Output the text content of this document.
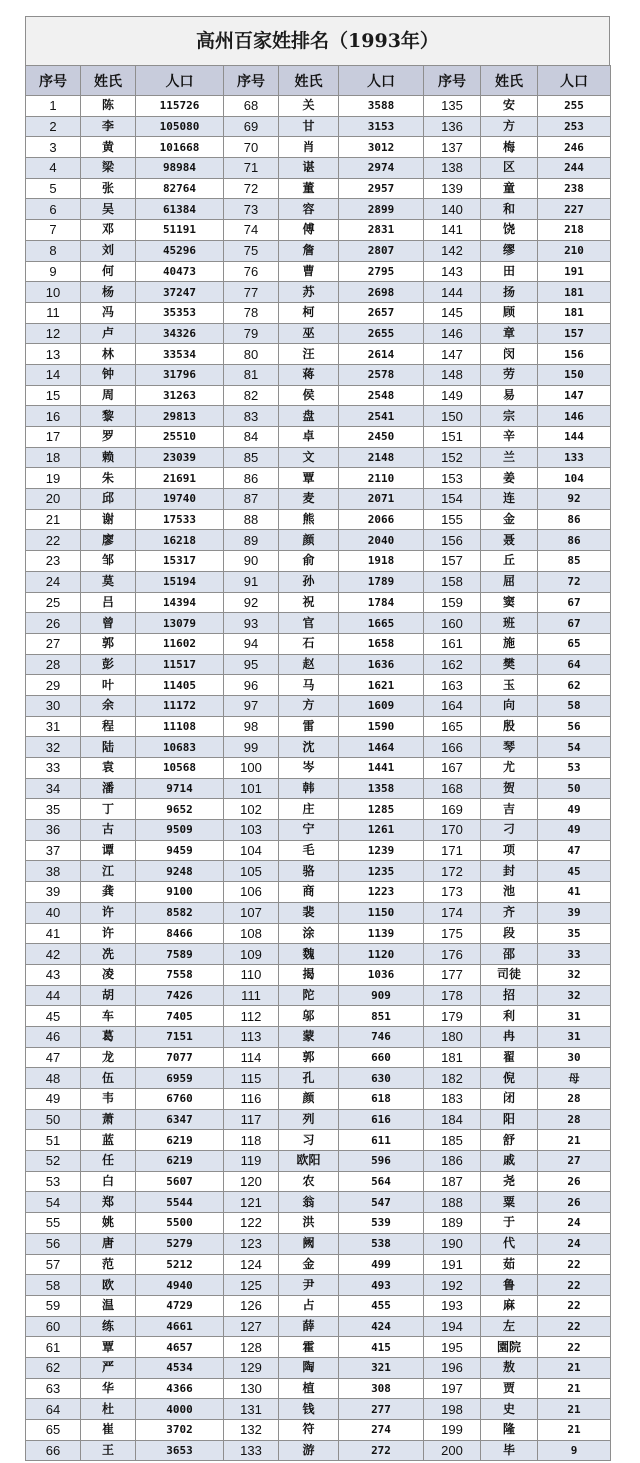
高州百家姓排名（1993年）
序号	姓氏	人口	序号	姓氏	人口	序号	姓氏	人口
1	陈	115726	68	关	3588	135	安	255
2	李	105080	69	甘	3153	136	方	253
3	黄	101668	70	肖	3012	137	梅	246
4	梁	98984	71	谌	2974	138	区	244
5	张	82764	72	董	2957	139	童	238
6	吴	61384	73	容	2899	140	和	227
7	邓	51191	74	傅	2831	141	饶	218
8	刘	45296	75	詹	2807	142	缪	210
9	何	40473	76	曹	2795	143	田	191
10	杨	37247	77	苏	2698	144	扬	181
11	冯	35353	78	柯	2657	145	顾	181
12	卢	34326	79	巫	2655	146	章	157
13	林	33534	80	汪	2614	147	闵	156
14	钟	31796	81	蒋	2578	148	劳	150
15	周	31263	82	侯	2548	149	易	147
16	黎	29813	83	盘	2541	150	宗	146
17	罗	25510	84	卓	2450	151	辛	144
18	赖	23039	85	文	2148	152	兰	133
19	朱	21691	86	覃	2110	153	姜	104
20	邱	19740	87	麦	2071	154	连	92
21	谢	17533	88	熊	2066	155	金	86
22	廖	16218	89	颜	2040	156	聂	86
23	邹	15317	90	俞	1918	157	丘	85
24	莫	15194	91	孙	1789	158	屈	72
25	吕	14394	92	祝	1784	159	窦	67
26	曾	13079	93	官	1665	160	班	67
27	郭	11602	94	石	1658	161	施	65
28	彭	11517	95	赵	1636	162	樊	64
29	叶	11405	96	马	1621	163	玉	62
30	余	11172	97	方	1609	164	向	58
31	程	11108	98	雷	1590	165	殷	56
32	陆	10683	99	沈	1464	166	琴	54
33	袁	10568	100	岑	1441	167	尤	53
34	潘	9714	101	韩	1358	168	贺	50
35	丁	9652	102	庄	1285	169	吉	49
36	古	9509	103	宁	1261	170	刁	49
37	谭	9459	104	毛	1239	171	项	47
38	江	9248	105	骆	1235	172	封	45
39	龚	9100	106	商	1223	173	池	41
40	许	8582	107	裴	1150	174	齐	39
41	许	8466	108	涂	1139	175	段	35
42	冼	7589	109	魏	1120	176	邵	33
43	凌	7558	110	揭	1036	177	司徒	32
44	胡	7426	111	陀	909	178	招	32
45	车	7405	112	邬	851	179	利	31
46	葛	7151	113	蒙	746	180	冉	31
47	龙	7077	114	郭	660	181	翟	30
48	伍	6959	115	孔	630	182	倪	母
49	韦	6760	116	颜	618	183	闭	28
50	萧	6347	117	列	616	184	阳	28
51	蓝	6219	118	习	611	185	舒	21
52	任	6219	119	欧阳	596	186	戚	27
53	白	5607	120	农	564	187	尧	26
54	郑	5544	121	翁	547	188	粟	26
55	姚	5500	122	洪	539	189	于	24
56	唐	5279	123	阙	538	190	代	24
57	范	5212	124	金	499	191	茹	22
58	欧	4940	125	尹	493	192	鲁	22
59	温	4729	126	占	455	193	麻	22
60	练	4661	127	薛	424	194	左	22
61	覃	4657	128	霍	415	195	園院	22
62	严	4534	129	陶	321	196	敖	21
63	华	4366	130	植	308	197	贾	21
64	杜	4000	131	钱	277	198	史	21
65	崔	3702	132	符	274	199	隆	21
66	王	3653	133	游	272	200	毕	9
